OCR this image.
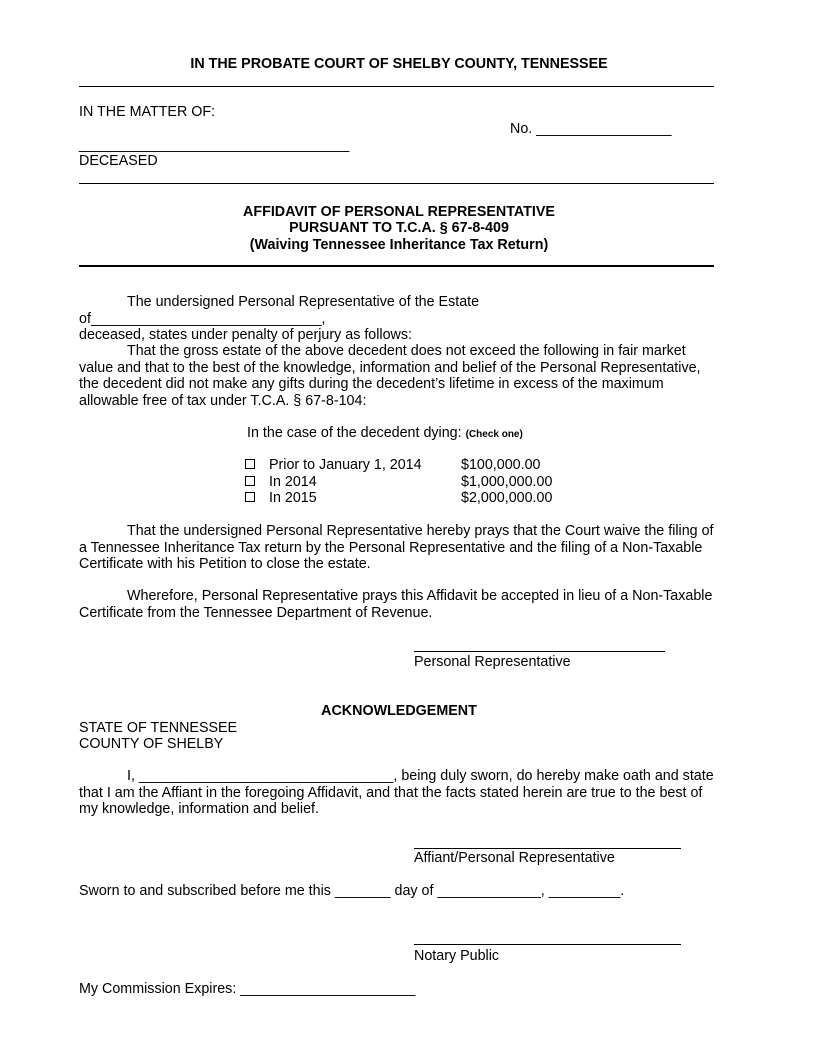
IN THE PROBATE COURT OF SHELBY COUNTY, TENNESSEE
IN THE MATTER OF:
No. _________________
__________________________________
DECEASED
AFFIDAVIT OF PERSONAL REPRESENTATIVE
PURSUANT TO T.C.A. § 67-8-409
(Waiving Tennessee Inheritance Tax Return)
The undersigned Personal Representative of the Estate of_____________________________,
deceased, states under penalty of perjury as follows:
That the gross estate of the above decedent does not exceed the following in fair market value and that to the best of the knowledge, information and belief of the Personal Representative, the decedent did not make any gifts during the decedent’s lifetime in excess of the maximum allowable free of tax under T.C.A. § 67-8-104:
In the case of the decedent dying: (Check one)
Prior to January 1, 2014	$100,000.00
In 2014	$1,000,000.00
In 2015	$2,000,000.00
That the undersigned Personal Representative hereby prays that the Court waive the filing of a Tennessee Inheritance Tax return by the Personal Representative and the filing of a Non-Taxable Certificate with his Petition to close the estate.
Wherefore, Personal Representative prays this Affidavit be accepted in lieu of a Non-Taxable Certificate from the Tennessee Department of Revenue.
Personal Representative
ACKNOWLEDGEMENT
STATE OF TENNESSEE
COUNTY OF SHELBY
I, ________________________________, being duly sworn, do hereby make oath and state that I am the Affiant in the foregoing Affidavit, and that the facts stated herein are true to the best of my knowledge, information and belief.
Affiant/Personal Representative
Sworn to and subscribed before me this _______ day of _____________, _________.
Notary Public
My Commission Expires: ______________________
